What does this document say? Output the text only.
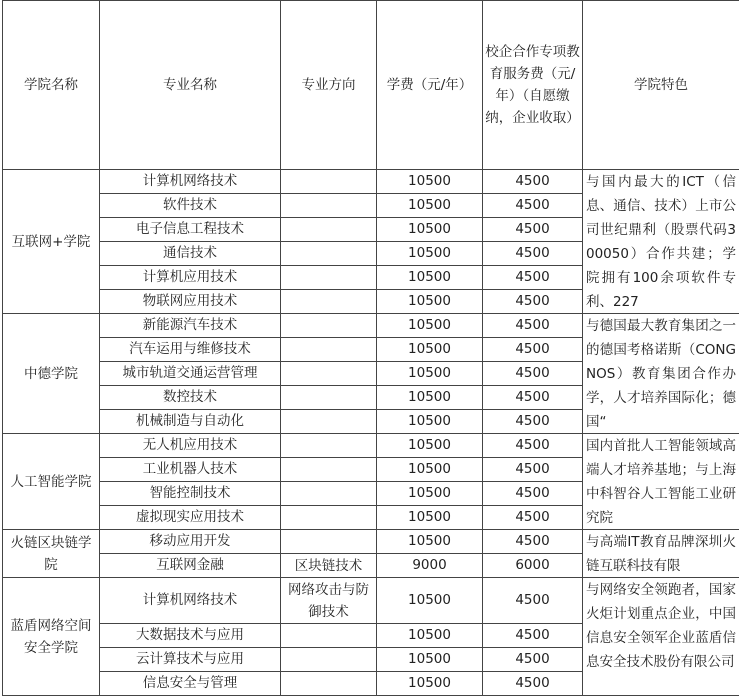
学院名称	专业名称	专业方向	学费（元/年）	校企合作专项教育服务费（元/年）（自愿缴纳，企业收取）	学院特色
互联网+学院	计算机网络技术		10500	4500	与国内最大的ICT（信息、通信、技术）上市公司世纪鼎利（股票代码300050）合作共建；学院拥有100余项软件专利、227

	软件技术		10500	4500	
	电子信息工程技术		10500	4500	
	通信技术		10500	4500	
	计算机应用技术		10500	4500	
	物联网应用技术		10500	4500	
中德学院	新能源汽车技术		10500	4500	与德国最大教育集团之一的德国考格诺斯（CONGNOS）教育集团合作办学，人才培养国际化；德国“

	汽车运用与维修技术		10500	4500	
	城市轨道交通运营管理		10500	4500	
	数控技术		10500	4500	
	机械制造与自动化		10500	4500	
人工智能学院	无人机应用技术		10500	4500	国内首批人工智能领域高端人才培养基地；与上海中科智谷人工智能工业研究院

	工业机器人技术		10500	4500	
	智能控制技术		10500	4500	
	虚拟现实应用技术		10500	4500	
火链区块链学院	移动应用开发		10500	4500	与高端IT教育品牌深圳火链互联科技有限

	互联网金融	区块链技术	9000	6000	
蓝盾网络空间安全学院	计算机网络技术	网络攻击与防御技术	10500	4500	与网络安全领跑者，国家火炬计划重点企业，中国信息安全领军企业蓝盾信息安全技术股份有限公司

	大数据技术与应用		10500	4500	
	云计算技术与应用		10500	4500	
	信息安全与管理		10500	4500	
